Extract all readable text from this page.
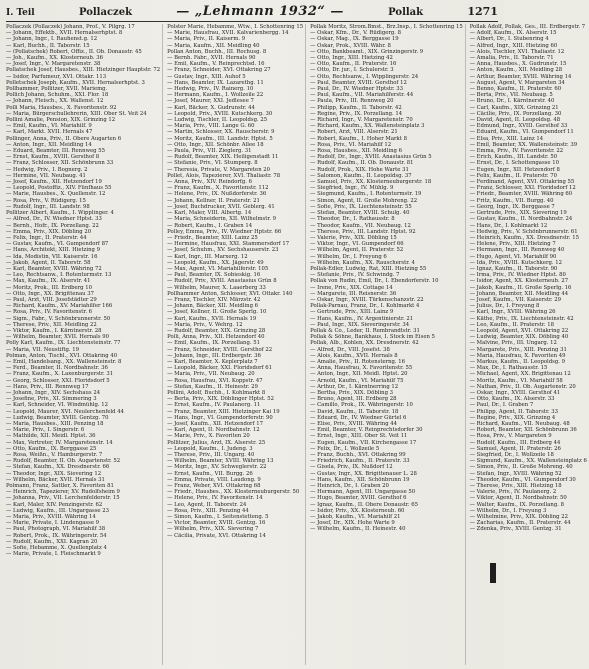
I. Teil	Pollaczek	— „Lehmann 1932“ —	Pollak	1271
Pollaczek (Pollaczek) Johann, Prof., V. Pilgrg. 17
— Johann, Effektb., XVII. Hernalserhptst. 8
— Johann, Ingr., I. Rauhenst.g. 12
— Karl, Buchh., II. Taborstr. 15
— (Pollatschek) Robert, Offiz., II. Ob. Donaustr. 45
— Joh., Kaufm., XX. Klosterneub. 36
— Josef, Ingr., V. Margaretenstr. 38
Pollatschek Josef, Hausbes., XIII. Hietzinger Hauptstr. 72
— Isidor, Parfumeur, XVI. Ottakr. 113
Polletschek Joseph, Kaufm., XVII. Hernalserhptst. 3
Pollhammer, Pollitzer, XVII. Mariemg.
Pollich Johann, Schuhm., XXI. Flor. 18
— Johann, Fleisch., XX. Wallenst. 12
Polli Maria, Hausbes., X. Favoritenstr. 92
— Maria, Bürgerschullehrerin, XIII. Ober St. Veit 24
Pollini Amalie, Pension, XIX. Grinzing 12
— Emil, Kaufm., VI. Mariahilf. 9
— Karl, Markt. XVII. Hernals 47
Pollinger, Anna, Priv., II. Obere Augarten 6
— Anton, Ingr., XII. Meidling 14
— Eduard, Beamter, III. Rennweg 55
— Ernst, Kaufm., XVIII. Gersthof 8
— Franz, Schlosser, XII. Schönbrunn 33
— Hedwig, Priv., I. Bognerg. 2
— Hermine, VII. Neubaug. 41
— Josef, Kaufm., XII. Hetzendorf 19
— Leopold, Postoffiz., XIV. Fünfhaus 55
— Marie, Hausbes., X. Quellenstr. 12
— Rosa, Priv., V. Rüdigerg. 15
— Rudolf, Ingr., III. Landstr. 98
Pollitzer Albert, Kaufm., I. Wipplinger. 4
— Alfred, Dr., IV. Wiedner Hptst. 33
— Bernh., Hofr., IX. Porzellang. 22
— Emma, Priv., XIX. Döbling 20
— Felix, Ingr., II. Praterstr. 44
— Gustav, Kaufm., VI. Gumpendorf 87
— Hans, Architekt, XIII. Hietzing 9
— Ida, Modistin, VII. Kaiserstr. 16
— Jakob, Agent, II. Taborstr. 58
— Karl, Beamter, XVIII. Währing 72
— Leo, Rechtsanw., I. Rotenturmstr. 13
— Max, Kaufm., IX. Alserstr. 41
— Moritz, Prok., III. Erdberg 10
— Otto, Ingr., XX. Brigittenau 37
— Paul, Arzt, VIII. Josefstädter 29
— Richard, Kaufm., XV. Mariahilfer 166
— Rosa, Priv., IV. Favoritenstr. 6
— Sigm., Fabr., V. Schönbrunnerstr. 50
— Therese, Priv., XII. Meidling 22
— Viktor, Kaufm., I. Kärntnerstr. 28
— Wilhelm, Beamter, XVII. Hernals 90
Polly Karl, Kaufm., IX. Liechtensteinstr. 77
— Maria, VII. Neustiftg. 19
Polman, Anton, Tischl., XVI. Ottakring 40
— Emil, Handelsang., XX. Wallensteinstr. 8
— Ferd., Beamter, II. Nordbahnstr. 36
— Franz, Kaufm., X. Laxenburgerstr. 31
— Georg, Schlosser, XXI. Floridsdorf 5
— Hans, Priv., III. Rennweg 17
— Johann, Ingr., XIV. Sechshaus 24
— Josefine, Priv., XI. Simmering 3
— Karl, Schneider, VI. Windmühlg. 12
— Leopold, Maurer, XVI. Neulerchenfeld 44
— Ludwig, Beamter, XVIII. Gentzg. 70
— Maria, Hausbes., XIII. Penzing 18
— Marie, Priv., I. Singerstr. 6
— Mathilde, XII. Meidl. Hptst. 36
— Max, Vertreter, IV. Margaretenstr. 14
— Otto, Kaufm., IX. Berggasse 25
— Rosa, Weißn., V. Hamburgerstr. 7
— Rudolf, Beamter, II. Ob. Augartenstr. 52
— Stefan, Kaufm., XX. Dresdnerstr. 66
— Theodor, Ingr., XIX. Sievering 12
— Wilhelm, Bäcker, XVII. Hernals 31
Polmann, Franz, Sattler, X. Favoriten 81
— Heinrich, Tapezierer, XV. Rudolfsheim 9
— Johanna, Priv., VII. Lerchenfelderstr. 15
— Karl, Maler, XIV. Penzingerstr. 62
— Ludwig, Kaufm., III. Ungargasse 23
— Maria, Priv., XVIII. Währing 14
— Marie, Private, I. Lindengasse 9
— Paul, Photograph, VI. Mariahilf 38
— Robert, Prok., IX. Währingerstr. 54
— Rudolf, Kaufm., XXI. Kagran 20
— Sofie, Hebamme, X. Quellenplatz 4
— Marie, Private, I. Fleischmarkt 9
Polster Marie, Hebamme, Wtw., I. Schottenring 15
— Marie, Hausfrau, XVII. Kalvarienbergg. 14
— Maria, Priv., II. Kaiserm. 9
— Maria, Kaufm., XII. Meidling 40
Pollan Anton, Buchh., III. Rochusg. 8
— Bernh. Fabr., XVII. Hernals 90
— Emil, Kaufm., V. Reinprechtsd. 16
— Franz, Schneider, XVI. Ottakring 27
— Gustav, Ingr., XIII. Auhof 5
— Hans, Beamter, IX. Lazarethg. 11
— Hedwig, Priv., IV. Rainerg. 10
— Hermann, Kaufm., I. Wollzeile 22
— Josef, Maurer, XXI. Jedlesee 7
— Karl, Bäcker, X. Gudrunstr. 44
— Leopold, Priv., XVIII. Kutschkerg. 30
— Ludwig, Tischler, II. Leopoldsg. 25
— Maria, Priv., VIII. Lange G. 60
— Martin, Schlosser, XX. Rauscherstr. 9
— Moritz, Kaufm., III. Landstr. Hptst. 5
— Otto, Ingr., XII. Schönbr. Allee 18
— Paula, Priv., VII. Zieglerg. 31
— Rudolf, Beamter, XIX. Heiligenstadt 11
— Stefanie, Priv., VI. Stumperg. 8
— Theresia, Private, V. Margareten 20
Pollet, Alois, Tapezierer, XVI. Thaliastr. 78
— Anna, Priv., XIV. Reindorfg. 6
— Franz, Kaufm., X. Favoritenstr. 112
— Helene, Priv., IX. Nußdorferstr. 36
— Johann, Kellner, II. Praterstr. 21
— Josef, Buchdrucker, XVII. Geblerg. 41
— Karl, Maler, VIII. Albertg. 14
— Maria, Schneiderin, XII. Wilhelmstr. 9
— Robert, Kaufm., I. Graben 14
Polley, Emma, Priv., IV. Wiedner Hptstr. 66
— Friedr., Beamter, XIII. Lainz 25
— Hermine, Hausfrau, XXI. Stammersdorf 17
— Josef, Schuhm., XV. Sechshauserstr. 23
— Karl, Ingr., III. Marxerg. 12
— Leopold, Kaufm., XX. Jägerstr. 49
— Max, Agent, VI. Mariahilferstr. 105
— Paul, Beamter, IX. Sobieskig. 16
— Rudolf, Priv., XVIII. Anastasius Grün 8
— Wilhelm, Maurer, X. Laaerberg 33
Pollhammer Anton, Schlosser, XVI. Ottakr. 140
— Franz, Tischler, XIV. Märzstr. 42
— Johann, Bäcker, XII. Meidling 6
— Josef, Kellner, II. Große Sperlg. 10
— Karl, Kaufm., XVII. Hernals 19
— Maria, Priv., V. Wehrg. 12
— Rudolf, Beamter, XIX. Grinzing 28
Polli, Anna, Priv., XII. Hetzendorf 40
— Emil, Kaufm., IX. Porzellang. 51
— Franz, Schneider, XVIII. Gersthof 22
— Johann, Ingr., III. Erdbergstr. 36
— Karl, Beamter, X. Keplerplatz 7
— Leopold, Bäcker, XXI. Floridsdorf 61
— Maria, Priv., VII. Neubaug. 20
— Rosa, Hausfrau, XVI. Koppstr. 47
— Stefan, Kaufm., II. Heinestr. 29
Pollini, Adolf, Buchh., I. Kohlmarkt 8
— Berta, Priv., XIX. Döblinger Hptst. 52
— Ernst, Kaufm., IV. Paulanerg. 11
— Franz, Beamter, XIII. Hietzinger Kai 19
— Hans, Ingr., VI. Gumpendorferstr. 90
— Josef, Kaufm., XII. Hetzendorf 17
— Karl, Agent, II. Nordbahnstr. 12
— Marie, Priv., X. Favoriten 20
Pollitzer, Julius, Arzt, IX. Alserstr. 25
— Leopold, Kaufm., I. Judeng. 3
— Therese, Priv., III. Ungarg. 40
— Wilhelm, Beamter, XVIII. Währing 13
— Moritz, Ingr., XV. Schweglerstr. 22
— Ernst, Kaufm., VII. Burgg. 26
— Emma, Private, VIII. Laudong. 9
— Franz, Weber, XVI. Ottakring 68
— Friedr., Hausbes., XX. Klosterneuburgerstr. 50
— Helene, Priv., IV. Favoritenstr. 14
— Leo, Agent, II. Taborstr. 24
— Rosa, Priv., XIII. Penzing 44
— Simon, Kaufm., I. Seitenstetteng. 5
— Victor, Beamter, XVIII. Gentzg. 16
— Wilhelm, Priv., XIX. Sievering 7
— Cäcilia, Private, XVI. Ottakring 14
Pollak Moritz, Strom.Bmst., Brz.Insp., I. Schottenring 15
— Oskar, Kfm., Dr., V. Rüdigerg. 8
— Oskar, Mag., IX. Berggasse 19
— Oskar, Prok., XVIII. Währ. 8
— Otto, Bankbeamt., XIX. Grinzingerstr. 9
— Otto, Ingr., XIII. Hietzing 42
— Otto, Kaufm., II. Praterstr. 16
— Otto, Dr. jur., I. Schulerstr. 3
— Otto, Rechtsanw., I. Wipplingerstr. 24
— Paul, Beamter, XVIII. Gersthof 12
— Paul, Dr., IV. Wiedner Hptstr. 33
— Paul, Kaufm., VII. Mariahilferstr. 44
— Paula, Priv., III. Rennweg 20
— Philipp, Kaufm., II. Taborstr. 42
— Regine, Priv., IX. Porzellang. 14
— Richard, Ingr., V. Margaretenstr. 70
— Richard, Kaufm., XX. Wallensteinplatz 3
— Robert, Arzt, VIII. Alserstr. 21
— Robert, Kaufm., I. Hoher Markt 8
— Rosa, Priv., VI. Mariahilf 12
— Rosa, Hausbes., XII. Meidling 6
— Rudolf, Dr., Ingr., XVIII. Anastasius Grün 5
— Rudolf, Kaufm., II. Ob. Donaustr. 81
— Rudolf, Prok., XIX. Hohe Warte 31
— Salomon, Kaufm., II. Leopoldsg. 37
— Samuel, Priv., XX. Klosterneuburgerstr. 18
— Siegfried, Ingr., IV. Mühlg. 9
— Siegmund, Kaufm., I. Rotenturmstr. 19
— Simon, Agent, II. Große Mohreng. 22
— Sofie, Priv., IX. Liechtensteinstr. 55
— Stefan, Beamter, XVIII. Schulg. 40
— Theodor, Dr., I. Rathausstr. 8
— Theodor, Kaufm., VII. Neubaug. 12
— Therese, Priv., III. Landstr. Hptst. 92
— Valerie, Priv., XIX. Döbling 15
— Viktor, Ingr., VI. Gumpendorf 66
— Wilhelm, Agent, II. Praterstr. 52
— Wilhelm, Dr., I. Freyung 6
— Wilhelm, Kaufm., XX. Rauscherstr. 4
Pollak-Edler, Ludwig, Rat, XIII. Hietzing 55
— Stefanie, Priv., IV. Schwindg. 7
Pollak von Rudin, Emil, Dr., I. Ebendorferstr. 10
— Irene, Priv., XIX. Cottage 14
— Margarete, III. Reisnerstr. 36
— Oskar, Ingr., XVIII. Türkenschanzstr. 22
Pollak-Parnau, Franz, Dr., I. Kohlmarkt 4
— Gertrude, Priv., XIII. Lainz 9
— Hans, Kaufm., IV. Argentinierstr. 21
— Paul, Ingr., XIX. Sieveringerstr. 34
Pollak & Co., Leder, II. Rembrandtstr. 31
Pollak & Söhne, Bankhaus, I. Stock im Eisen 5
Pollak, Alb., Kohlen, XX. Dresdnerstr. 42
— Alfred, Dr., VIII. Josefst. 38
— Alois, Kaufm., XVII. Hernals 8
— Amalie, Priv., II. Rotensterng. 16
— Anna, Hausfrau, X. Favoritenstr. 55
— Anton, Ingr., XII. Meidl. Hptst. 20
— Arnold, Kaufm., VI. Mariahilf 75
— Arthur, Dr., I. Kärntnerring 12
— Bertha, Priv., XIX. Döbling 3
— Bruno, Agent, III. Erdberg 28
— Camillo, Prok., IX. Währingerstr. 10
— David, Kaufm., II. Taborstr. 18
— Eduard, Dr., IV. Wiedner Gürtel 6
— Elise, Priv., XVIII. Währing 44
— Emil, Beamter, V. Reinprechtsdorfer 30
— Ernst, Ingr., XIII. Ober St. Veit 11
— Eugen, Kaufm., VII. Kirchengasse 17
— Felix, Dr., I. Wollzeile 5
— Franz, Buchh., XVI. Ottakring 99
— Friedrich, Kaufm., II. Praterstr. 33
— Gisela, Priv., IX. Nußdorf 12
— Gustav, Ingr., XX. Brigittenauer L. 28
— Hans, Kaufm., XII. Schönbrunn 19
— Heinrich, Dr., I. Graben 20
— Hermann, Agent, III. Ungargasse 50
— Hugo, Beamter, XVIII. Gersthof 6
— Ignaz, Kaufm., II. Obere Donaustr. 65
— Isidor, Priv., XX. Klosterneub. 60
— Jakob, Kaufm., VI. Mariahilf 21
— Josef, Dr., XIX. Hohe Warte 9
— Wilhelm, Kaufm., II. Heinestr. 40
Pollak Adolf, Pollak, Ges., III. Erdbergstr. 7
— Adolf, Kaufm., IX. Alserstr. 15
— Albert, Dr., I. Stubenring 4
— Alfred, Ingr., XIII. Hietzing 60
— Alois, Tischler, XVI. Thaliastr. 12
— Amalia, Priv., II. Taborstr. 71
— Anna, Hausbes., X. Gudrunstr. 15
— Anton, Kaufm., XII. Meidling 28
— Arthur, Beamter, XVIII. Währing 14
— August, Agent, V. Margareten 34
— Benno, Kaufm., II. Praterstr. 60
— Berta, Priv., VII. Neubaug. 5
— Bruno, Dr., I. Kärntnerstr. 40
— Carl, Kaufm., XIX. Grinzing 21
— Cäcilie, Priv., IX. Porzellang. 30
— David, Agent, II. Leopoldsg. 48
— Edmund, Ingr., XVIII. Gersthof 33
— Eduard, Kaufm., VI. Gumpendorf 11
— Elsa, Priv., XIII. Lainz 14
— Emil, Beamter, XX. Wallensteinstr. 39
— Emma, Priv., IV. Favoritenstr. 22
— Erich, Kaufm., III. Landstr. 50
— Ernst, Dr., I. Schottengasse 10
— Eugen, Ingr., XII. Hetzendorf 8
— Felix, Kaufm., II. Praterstr. 70
— Ferdinand, Agent, XVI. Ottakring 55
— Franz, Schlosser, XXI. Floridsdorf 12
— Friedr., Beamter, XVIII. Währing 60
— Fritz, Kaufm., VII. Burgg. 40
— Georg, Ingr., IX. Berggasse 7
— Gertrude, Priv., XIX. Sievering 19
— Gustav, Kaufm., II. Nordbahnstr. 24
— Hans, Dr., I. Kohlmarkt 12
— Hedwig, Priv., V. Schönbrunnerstr. 61
— Heinrich, Kaufm., XX. Dresdnerstr. 15
— Helene, Priv., XIII. Hietzing 7
— Hermann, Ingr., III. Rennweg 40
— Hugo, Agent, VI. Mariahilf 90
— Ida, Priv., XVIII. Kutschkerg. 12
— Ignaz, Kaufm., II. Taborstr. 90
— Irma, Priv., IV. Wiedner Hptst. 80
— Isidor, Agent, XX. Klosterneub. 27
— Jakob, Kaufm., II. Große Sperlg. 16
— Johann, Beamter, XII. Meidling 44
— Josef, Kaufm., VII. Kaiserstr. 29
— Julius, Dr., I. Freyung 8
— Karl, Ingr., XVIII. Währing 26
— Käthe, Priv., IX. Liechtensteinstr. 42
— Leo, Kaufm., II. Praterstr. 18
— Leopold, Agent, XVI. Ottakring 22
— Ludwig, Beamter, XIX. Döbling 40
— Malvine, Priv., III. Ungarg. 12
— Margarete, Priv., XIII. Penzing 31
— Maria, Hausfrau, X. Favoriten 49
— Markus, Kaufm., II. Leopoldsg. 9
— Max, Dr., I. Rathausstr. 15
— Michael, Agent, XX. Brigittenau 12
— Moritz, Kaufm., VI. Mariahilf 58
— Nathan, Priv., II. Ob. Augartenstr. 20
— Oskar, Ingr., XVIII. Gersthof 41
— Otto, Kaufm., IX. Alserstr. 33
— Paul, Dr., I. Graben 7
— Philipp, Agent, II. Taborstr. 33
— Regine, Priv., XIX. Grinzing 4
— Richard, Kaufm., VII. Neubaug. 48
— Robert, Beamter, XII. Schönbrunn 36
— Rosa, Priv., V. Margareten 9
— Rudolf, Kaufm., III. Erdberg 44
— Samuel, Agent, II. Praterstr. 26
— Siegfried, Dr., I. Wollzeile 18
— Sigmund, Kaufm., XX. Wallensteinplatz 6
— Simon, Priv., II. Große Mohreng. 40
— Stefan, Ingr., XVIII. Währing 52
— Theodor, Kaufm., VI. Gumpendorf 30
— Therese, Priv., XIII. Hietzing 18
— Valerie, Priv., IV. Paulanerg. 2
— Viktor, Agent, II. Nordbahnstr. 50
— Walter, Kaufm., IX. Porzellang. 8
— Wilhelm, Dr., I. Freyung 3
— Wilhelmine, Priv., XIX. Döbling 22
— Zacharias, Kaufm., II. Praterstr. 44
— Zdenka, Priv., XVIII. Gentzg. 31
